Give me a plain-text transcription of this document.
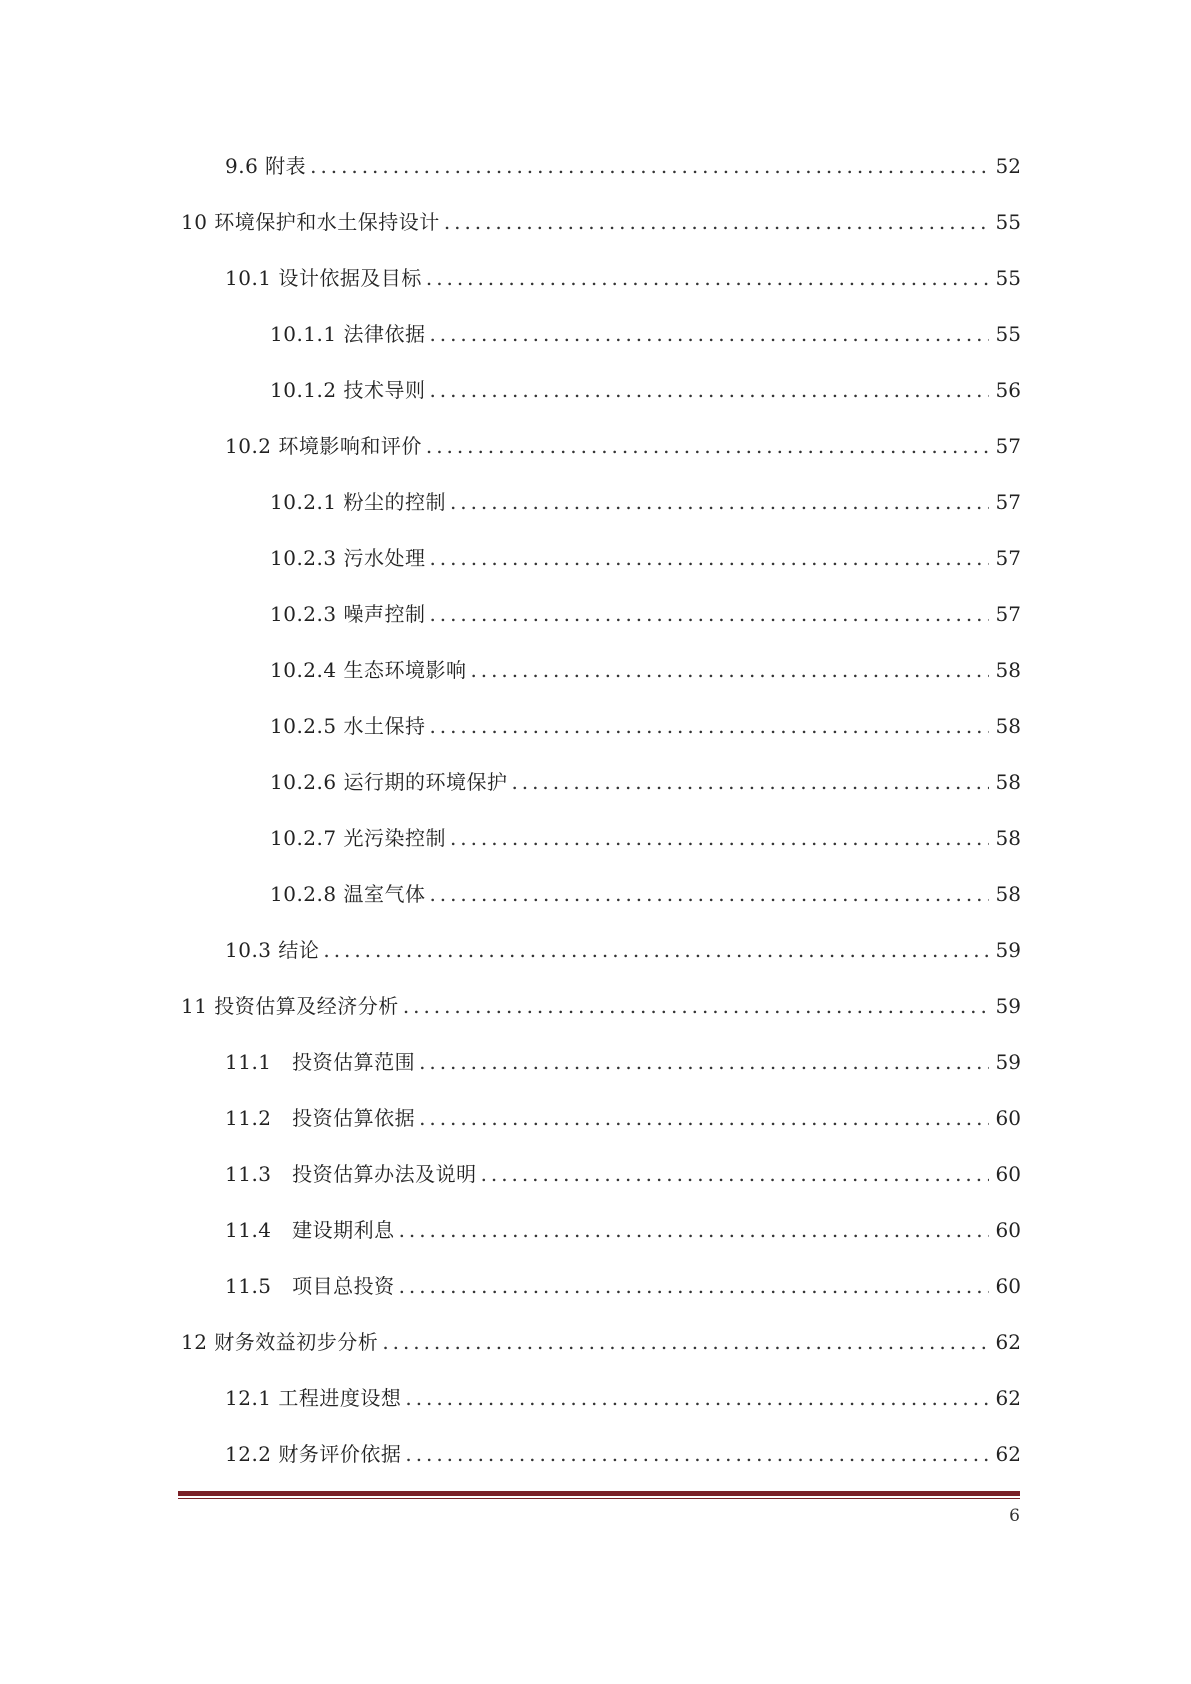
9.6 附表 . . .	52
10 环境保护和水土保持设计 . . .	55
10.1 设计依据及目标 . . .	55
10.1.1 法律依据 . . .	55
10.1.2 技术导则 . . .	56
10.2 环境影响和评价 . . .	57
10.2.1 粉尘的控制 . . .	57
10.2.3 污水处理 . . .	57
10.2.3 噪声控制 . . .	57
10.2.4 生态环境影响 . . .	58
10.2.5 水土保持 . . .	58
10.2.6 运行期的环境保护 . . .	58
10.2.7 光污染控制 . . .	58
10.2.8 温室气体 . . .	58
10.3 结论 . . .	59
11 投资估算及经济分析 . . .	59
11.1   投资估算范围 . . .	59
11.2   投资估算依据 . . .	60
11.3   投资估算办法及说明 . . .	60
11.4   建设期利息 . . .	60
11.5   项目总投资 . . .	60
12 财务效益初步分析 . . .	62
12.1 工程进度设想 . . .	62
12.2 财务评价依据 . . .	62
6
